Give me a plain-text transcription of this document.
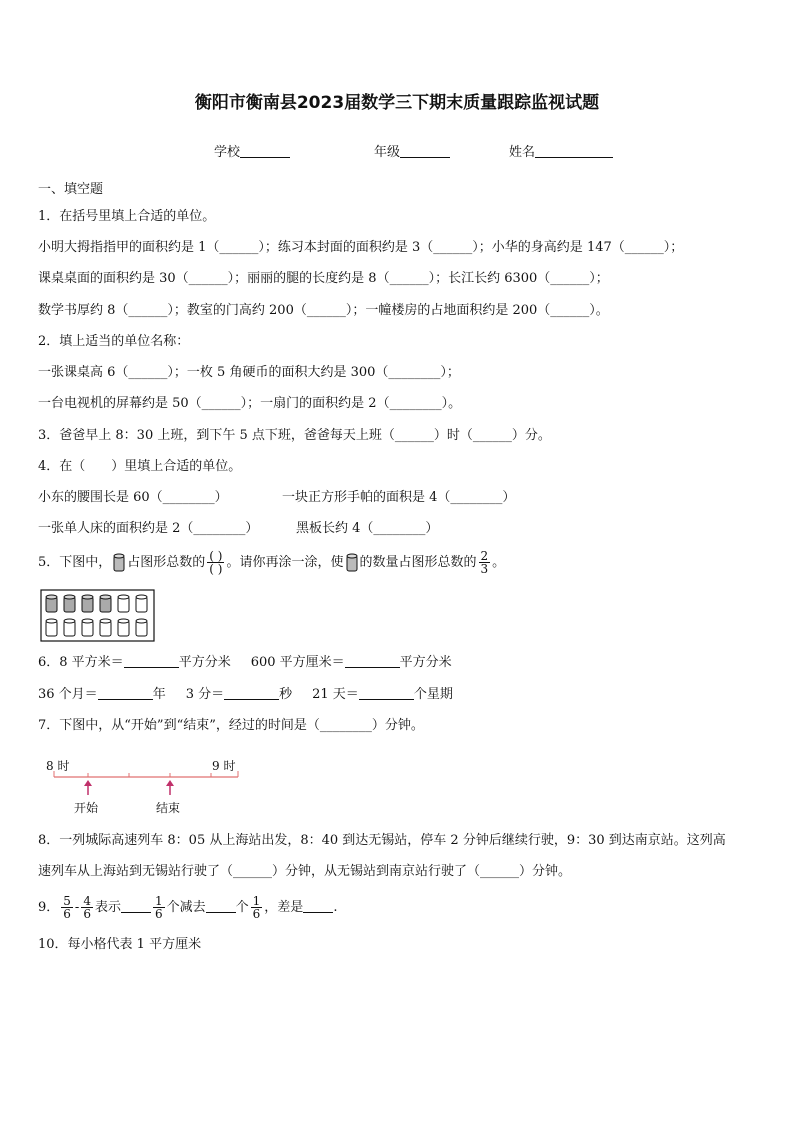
衡阳市衡南县2023届数学三下期末质量跟踪监视试题
学校	年级	姓名
一、填空题
1．在括号里填上合适的单位。
小明大拇指指甲的面积约是 1（______）；练习本封面的面积约是 3（______）；小华的身高约是 147（______）；
课桌桌面的面积约是 30（______）；丽丽的腿的长度约是 8（______）；长江长约 6300（______）；
数学书厚约 8（______）；教室的门高约 200（______）；一幢楼房的占地面积约是 200（______）。
2．填上适当的单位名称：
一张课桌高 6（______）；一枚 5 角硬币的面积大约是 300（________）；
一台电视机的屏幕约是 50（______）；一扇门的面积约是 2（________）。
3．爸爸早上 8：30 上班，到下午 5 点下班，爸爸每天上班（______）时（______）分。
4．在（　　）里填上合适的单位。
小东的腰围长是 60（________）	一块正方形手帕的面积是 4（________）
一张单人床的面积约是 2（________）	黑板长约 4（________）
5．下图中， 占图形总数的 $\frac{( )}{( )}$ 。请你再涂一涂，使 的数量占图形总数的 $\frac{2}{3}$ 。
6．8 平方米＝	平方分米 600 平方厘米＝	平方分米
36 个月＝	年 3 分＝	秒 21 天＝	个星期
7．下图中，从“开始”到“结束”，经过的时间是（________）分钟。
8 时	9 时
开始	结束
8．一列城际高速列车 8：05 从上海站出发，8：40 到达无锡站，停车 2 分钟后继续行驶，9：30 到达南京站。这列高
速列车从上海站到无锡站行驶了（______）分钟，从无锡站到南京站行驶了（______）分钟。
9． $\frac{5}{6} - \frac{4}{6}$ 表示	$\frac{1}{6}$ 个减去 个 $\frac{1}{6}$ ，差是 .
10．每小格代表 1 平方厘米
